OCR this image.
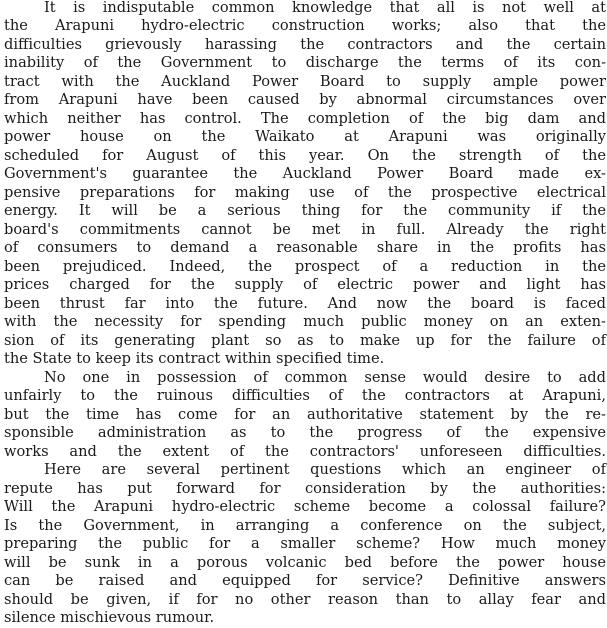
It is indisputable common knowledge that all is not well at
the Arapuni hydro-electric construction works; also that the
difficulties grievously harassing the contractors and the certain
inability of the Government to discharge the terms of its con-
tract with the Auckland Power Board to supply ample power
from Arapuni have been caused by abnormal circumstances over
which neither has control. The completion of the big dam and
power house on the Waikato at Arapuni was originally
scheduled for August of this year. On the strength of the
Government's guarantee the Auckland Power Board made ex-
pensive preparations for making use of the prospective electrical
energy. It will be a serious thing for the community if the
board's commitments cannot be met in full. Already the right
of consumers to demand a reasonable share in the profits has
been prejudiced. Indeed, the prospect of a reduction in the
prices charged for the supply of electric power and light has
been thrust far into the future. And now the board is faced
with the necessity for spending much public money on an exten-
sion of its generating plant so as to make up for the failure of
the State to keep its contract within specified time.
No one in possession of common sense would desire to add
unfairly to the ruinous difficulties of the contractors at Arapuni,
but the time has come for an authoritative statement by the re-
sponsible administration as to the progress of the expensive
works and the extent of the contractors' unforeseen difficulties.
Here are several pertinent questions which an engineer of
repute has put forward for consideration by the authorities:
Will the Arapuni hydro-electric scheme become a colossal failure?
Is the Government, in arranging a conference on the subject,
preparing the public for a smaller scheme? How much money
will be sunk in a porous volcanic bed before the power house
can be raised and equipped for service? Definitive answers
should be given, if for no other reason than to allay fear and
silence mischievous rumour.
